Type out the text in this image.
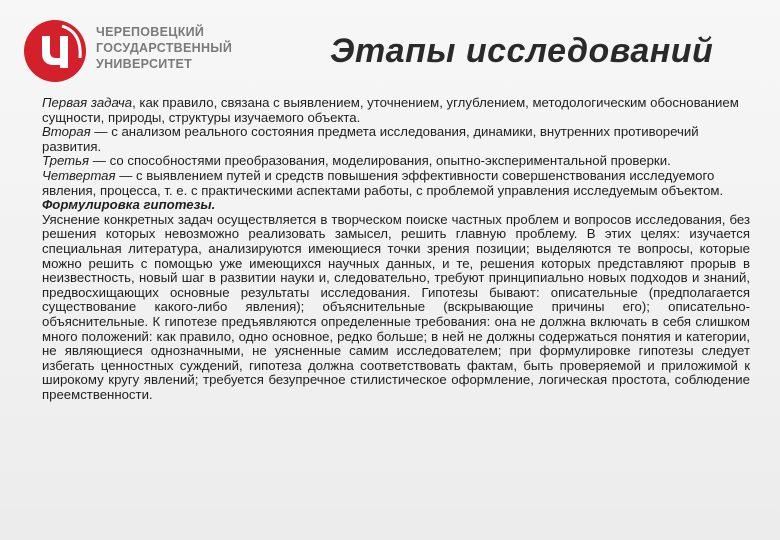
ЧЕРЕПОВЕЦКИЙ
ГОСУДАРСТВЕННЫЙ
УНИВЕРСИТЕТ	Этапы исследований

Первая задача, как правило, связана с выявлением, уточнением, углублением, методологическим обоснованием сущности, природы, структуры изучаемого объекта.

Вторая — с анализом реального состояния предмета исследования, динамики, внутренних противоречий развития.

Третья — со способностями преобразования, моделирования, опытно-экспериментальной проверки.

Четвертая — с выявлением путей и средств повышения эффективности совершенствования исследуемого явления, процесса, т. е. с практическими аспектами работы, с проблемой управления исследуемым объектом.

Формулировка гипотезы.

Уяснение конкретных задач осуществляется в творческом поиске частных проблем и вопросов исследования, без решения которых невозможно реализовать замысел, решить главную проблему. В этих целях: изучается специальная литература, анализируются имеющиеся точки зрения позиции; выделяются те вопросы, которые можно решить с помощью уже имеющихся научных данных, и те, решения которых представляют прорыв в неизвестность, новый шаг в развитии науки и, следовательно, требуют принципиально новых подходов и знаний, предвосхищающих основные результаты исследования. Гипотезы бывают: описательные (предполагается существование какого-либо явления); объяснительные (вскрывающие причины его); описательно-объяснительные. К гипотезе предъявляются определенные требования: она не должна включать в себя слишком много положений: как правило, одно основное, редко больше; в ней не должны содержаться понятия и категории, не являющиеся однозначными, не уясненные самим исследователем; при формулировке гипотезы следует избегать ценностных суждений, гипотеза должна соответствовать фактам, быть проверяемой и приложимой к широкому кругу явлений; требуется безупречное стилистическое оформление, логическая простота, соблюдение преемственности.
